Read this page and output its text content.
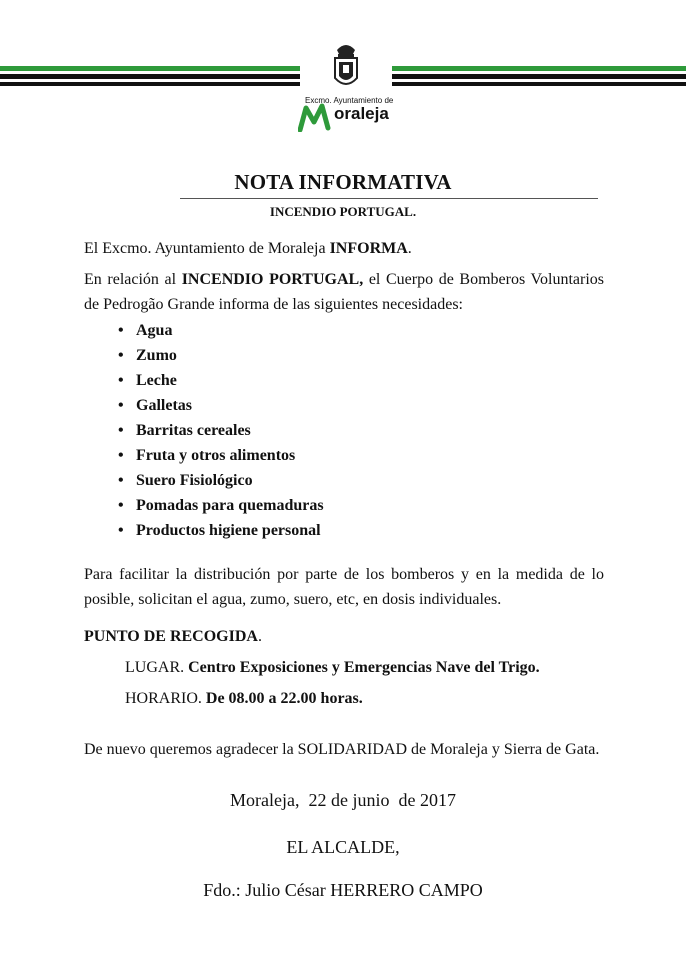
Excmo. Ayuntamiento de
oraleja
NOTA INFORMATIVA
INCENDIO PORTUGAL.
El Excmo. Ayuntamiento de Moraleja INFORMA.
En relación al INCENDIO PORTUGAL, el Cuerpo de Bomberos Voluntarios de Pedrogão Grande informa de las siguientes necesidades:
• Agua
• Zumo
• Leche
• Galletas
• Barritas cereales
• Fruta y otros alimentos
• Suero Fisiológico
• Pomadas para quemaduras
• Productos higiene personal
Para facilitar la distribución por parte de los bomberos y en la medida de lo posible, solicitan el agua, zumo, suero, etc, en dosis individuales.
PUNTO DE RECOGIDA.
LUGAR. Centro Exposiciones y Emergencias Nave del Trigo.
HORARIO. De 08.00 a 22.00 horas.
De nuevo queremos agradecer la SOLIDARIDAD de Moraleja y Sierra de Gata.
Moraleja,  22 de junio  de 2017
EL ALCALDE,
Fdo.: Julio César HERRERO CAMPO
